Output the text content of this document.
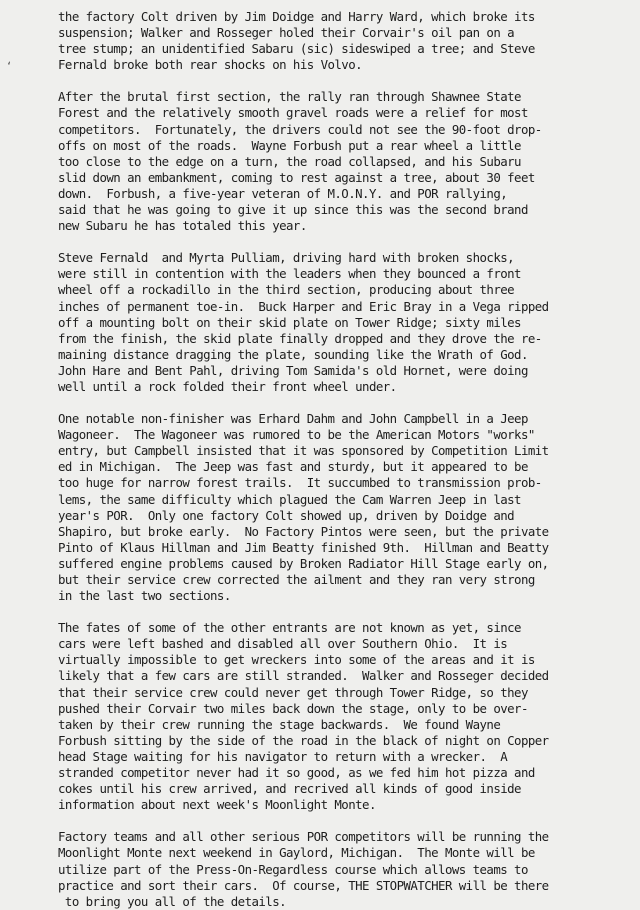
ʻ
the factory Colt driven by Jim Doidge and Harry Ward, which broke its
suspension; Walker and Rosseger holed their Corvair's oil pan on a
tree stump; an unidentified Sabaru (sic) sideswiped a tree; and Steve
Fernald broke both rear shocks on his Volvo.
After the brutal first section, the rally ran through Shawnee State
Forest and the relatively smooth gravel roads were a relief for most
competitors.  Fortunately, the drivers could not see the 90-foot drop-
offs on most of the roads.  Wayne Forbush put a rear wheel a little
too close to the edge on a turn, the road collapsed, and his Subaru
slid down an embankment, coming to rest against a tree, about 30 feet
down.  Forbush, a five-year veteran of M.O.N.Y. and POR rallying,
said that he was going to give it up since this was the second brand
new Subaru he has totaled this year.
Steve Fernald  and Myrta Pulliam, driving hard with broken shocks,
were still in contention with the leaders when they bounced a front
wheel off a rockadillo in the third section, producing about three
inches of permanent toe-in.  Buck Harper and Eric Bray in a Vega ripped
off a mounting bolt on their skid plate on Tower Ridge; sixty miles
from the finish, the skid plate finally dropped and they drove the re-
maining distance dragging the plate, sounding like the Wrath of God.
John Hare and Bent Pahl, driving Tom Samida's old Hornet, were doing
well until a rock folded their front wheel under.
One notable non-finisher was Erhard Dahm and John Campbell in a Jeep
Wagoneer.  The Wagoneer was rumored to be the American Motors "works"
entry, but Campbell insisted that it was sponsored by Competition Limit
ed in Michigan.  The Jeep was fast and sturdy, but it appeared to be
too huge for narrow forest trails.  It succumbed to transmission prob-
lems, the same difficulty which plagued the Cam Warren Jeep in last
year's POR.  Only one factory Colt showed up, driven by Doidge and
Shapiro, but broke early.  No Factory Pintos were seen, but the private
Pinto of Klaus Hillman and Jim Beatty finished 9th.  Hillman and Beatty
suffered engine problems caused by Broken Radiator Hill Stage early on,
but their service crew corrected the ailment and they ran very strong
in the last two sections.
The fates of some of the other entrants are not known as yet, since
cars were left bashed and disabled all over Southern Ohio.  It is
virtually impossible to get wreckers into some of the areas and it is
likely that a few cars are still stranded.  Walker and Rosseger decided
that their service crew could never get through Tower Ridge, so they
pushed their Corvair two miles back down the stage, only to be over-
taken by their crew running the stage backwards.  We found Wayne
Forbush sitting by the side of the road in the black of night on Copper
head Stage waiting for his navigator to return with a wrecker.  A
stranded competitor never had it so good, as we fed him hot pizza and
cokes until his crew arrived, and recrived all kinds of good inside
information about next week's Moonlight Monte.
Factory teams and all other serious POR competitors will be running the
Moonlight Monte next weekend in Gaylord, Michigan.  The Monte will be
utilize part of the Press-On-Regardless course which allows teams to
practice and sort their cars.  Of course, THE STOPWATCHER will be there
to bring you all of the details.
